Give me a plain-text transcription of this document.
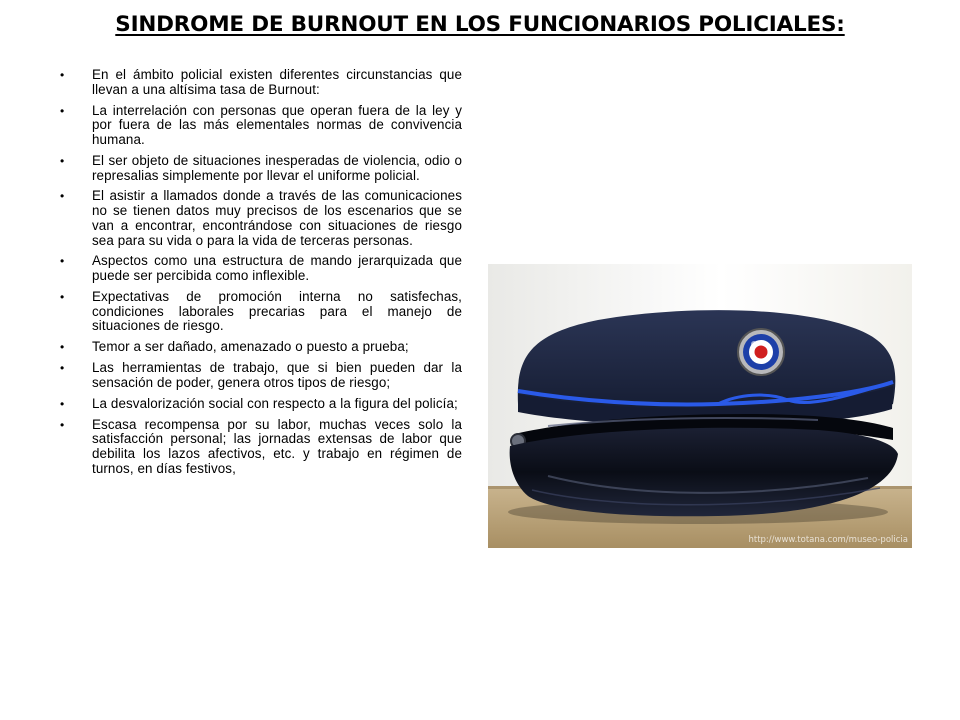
SINDROME DE BURNOUT EN LOS FUNCIONARIOS POLICIALES:
• En el ámbito policial existen diferentes circunstancias que llevan a una altísima tasa de Burnout:
• La interrelación con personas que operan fuera de la ley y por fuera de las más elementales normas de convivencia humana.
• El ser objeto de situaciones inesperadas de violencia, odio o represalias simplemente por llevar el uniforme policial.
• El asistir a llamados donde a través de las comunicaciones no se tienen datos muy precisos de los escenarios que se van a encontrar, encontrándose con situaciones de riesgo sea para su vida o para la vida de terceras personas.
• Aspectos como una estructura de mando jerarquizada que puede ser percibida como inflexible.
• Expectativas de promoción interna no satisfechas, condiciones laborales precarias para el manejo de situaciones de riesgo.
• Temor a ser dañado, amenazado o puesto a prueba;
• Las herramientas de trabajo, que si bien pueden dar la sensación de poder, genera otros tipos de riesgo;
• La desvalorización social con respecto a la figura del policía;
• Escasa recompensa por su labor, muchas veces solo la satisfacción personal; las jornadas extensas de labor que debilita los lazos afectivos, etc. y trabajo en régimen de turnos, en días festivos,
http://www.totana.com/museo-policia
